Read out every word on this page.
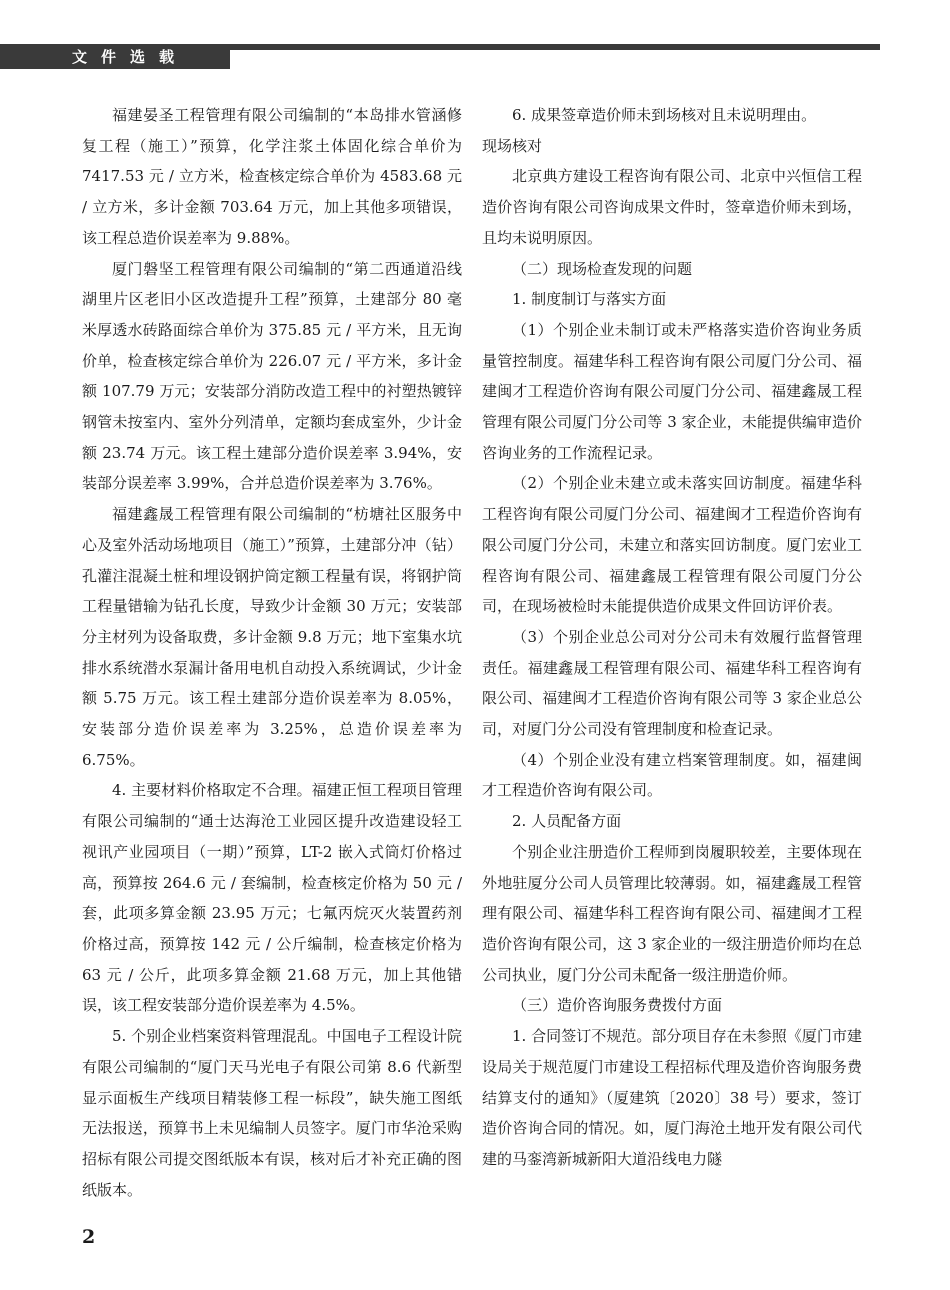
文件选载

福建晏圣工程管理有限公司编制的“本岛排水管涵修复工程（施工）”预算，化学注浆土体固化综合单价为 7417.53 元 / 立方米，检查核定综合单价为 4583.68 元 / 立方米，多计金额 703.64 万元，加上其他多项错误，该工程总造价误差率为 9.88%。

厦门磐坚工程管理有限公司编制的“第二西通道沿线湖里片区老旧小区改造提升工程”预算，土建部分 80 毫米厚透水砖路面综合单价为 375.85 元 / 平方米，且无询价单，检查核定综合单价为 226.07 元 / 平方米，多计金额 107.79 万元；安装部分消防改造工程中的衬塑热镀锌钢管未按室内、室外分列清单，定额均套成室外，少计金额 23.74 万元。该工程土建部分造价误差率 3.94%，安装部分误差率 3.99%，合并总造价误差率为 3.76%。

福建鑫晟工程管理有限公司编制的“枋塘社区服务中心及室外活动场地项目（施工）”预算，土建部分冲（钻）孔灌注混凝土桩和埋设钢护筒定额工程量有误，将钢护筒工程量错输为钻孔长度，导致少计金额 30 万元；安装部分主材列为设备取费，多计金额 9.8 万元；地下室集水坑排水系统潜水泵漏计备用电机自动投入系统调试，少计金额 5.75 万元。该工程土建部分造价误差率为 8.05%，安装部分造价误差率为 3.25%，总造价误差率为 6.75%。

4. 主要材料价格取定不合理。福建正恒工程项目管理有限公司编制的“通士达海沧工业园区提升改造建设轻工视讯产业园项目（一期）”预算，LT-2 嵌入式筒灯价格过高，预算按 264.6 元 / 套编制，检查核定价格为 50 元 / 套，此项多算金额 23.95 万元；七氟丙烷灭火装置药剂价格过高，预算按 142 元 / 公斤编制，检查核定价格为 63 元 / 公斤，此项多算金额 21.68 万元，加上其他错误，该工程安装部分造价误差率为 4.5%。

5. 个别企业档案资料管理混乱。中国电子工程设计院有限公司编制的“厦门天马光电子有限公司第 8.6 代新型显示面板生产线项目精装修工程一标段”，缺失施工图纸无法报送，预算书上未见编制人员签字。厦门市华沧采购招标有限公司提交图纸版本有误，核对后才补充正确的图纸版本。

6. 成果签章造价师未到场核对且未说明理由。

现场核对

北京典方建设工程咨询有限公司、北京中兴恒信工程造价咨询有限公司咨询成果文件时，签章造价师未到场，且均未说明原因。

（二）现场检查发现的问题

1. 制度制订与落实方面

（1）个别企业未制订或未严格落实造价咨询业务质量管控制度。福建华科工程咨询有限公司厦门分公司、福建闽才工程造价咨询有限公司厦门分公司、福建鑫晟工程管理有限公司厦门分公司等 3 家企业，未能提供编审造价咨询业务的工作流程记录。

（2）个别企业未建立或未落实回访制度。福建华科工程咨询有限公司厦门分公司、福建闽才工程造价咨询有限公司厦门分公司，未建立和落实回访制度。厦门宏业工程咨询有限公司、福建鑫晟工程管理有限公司厦门分公司，在现场被检时未能提供造价成果文件回访评价表。

（3）个别企业总公司对分公司未有效履行监督管理责任。福建鑫晟工程管理有限公司、福建华科工程咨询有限公司、福建闽才工程造价咨询有限公司等 3 家企业总公司，对厦门分公司没有管理制度和检查记录。

（4）个别企业没有建立档案管理制度。如，福建闽才工程造价咨询有限公司。

2. 人员配备方面

个别企业注册造价工程师到岗履职较差，主要体现在外地驻厦分公司人员管理比较薄弱。如，福建鑫晟工程管理有限公司、福建华科工程咨询有限公司、福建闽才工程造价咨询有限公司，这 3 家企业的一级注册造价师均在总公司执业，厦门分公司未配备一级注册造价师。

（三）造价咨询服务费拨付方面

1. 合同签订不规范。部分项目存在未参照《厦门市建设局关于规范厦门市建设工程招标代理及造价咨询服务费结算支付的通知》（厦建筑〔2020〕38 号）要求，签订造价咨询合同的情况。如，厦门海沧土地开发有限公司代建的马銮湾新城新阳大道沿线电力隧

2
